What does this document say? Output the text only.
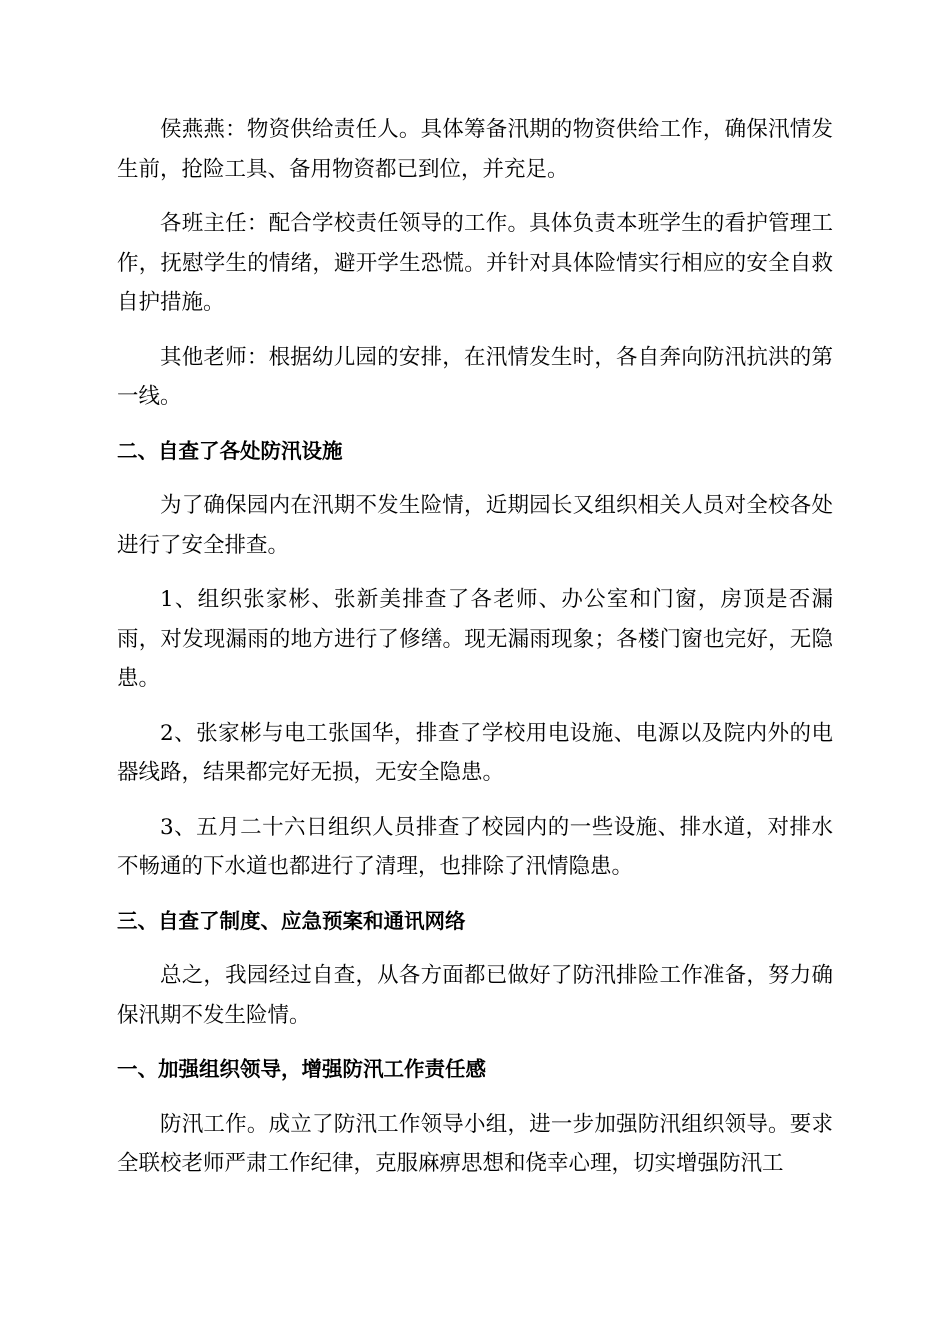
侯燕燕：物资供给责任人。具体筹备汛期的物资供给工作，确保汛情发生前，抢险工具、备用物资都已到位，并充足。

各班主任：配合学校责任领导的工作。具体负责本班学生的看护管理工作，抚慰学生的情绪，避开学生恐慌。并针对具体险情实行相应的安全自救自护措施。

其他老师：根据幼儿园的安排，在汛情发生时，各自奔向防汛抗洪的第一线。

二、自查了各处防汛设施

为了确保园内在汛期不发生险情，近期园长又组织相关人员对全校各处进行了安全排查。

1、组织张家彬、张新美排查了各老师、办公室和门窗，房顶是否漏雨，对发现漏雨的地方进行了修缮。现无漏雨现象；各楼门窗也完好，无隐患。

2、张家彬与电工张国华，排查了学校用电设施、电源以及院内外的电器线路，结果都完好无损，无安全隐患。

3、五月二十六日组织人员排查了校园内的一些设施、排水道，对排水不畅通的下水道也都进行了清理，也排除了汛情隐患。

三、自查了制度、应急预案和通讯网络

总之，我园经过自查，从各方面都已做好了防汛排险工作准备，努力确保汛期不发生险情。

一、加强组织领导，增强防汛工作责任感

防汛工作。成立了防汛工作领导小组，进一步加强防汛组织领导。要求全联校老师严肃工作纪律，克服麻痹思想和侥幸心理，切实增强防汛工
